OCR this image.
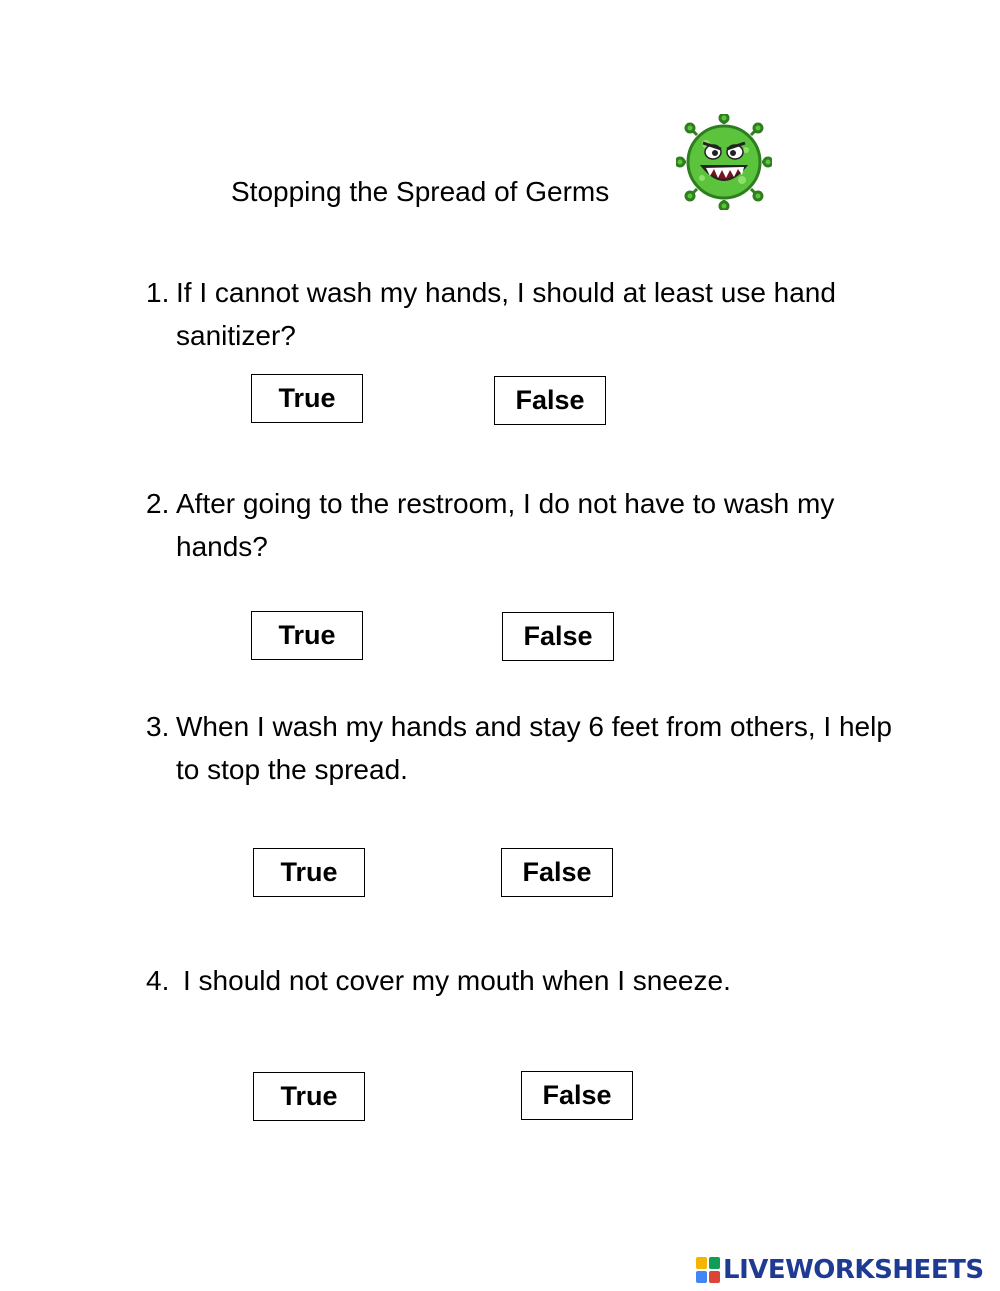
Stopping the Spread of Germs
1. If I cannot wash my hands, I should at least use hand sanitizer?
True	False
2. After going to the restroom, I do not have to wash my hands?
True	False
3. When I wash my hands and stay 6 feet from others, I help to stop the spread.
True	False
4. I should not cover my mouth when I sneeze.
True	False
LIVEWORKSHEETS
